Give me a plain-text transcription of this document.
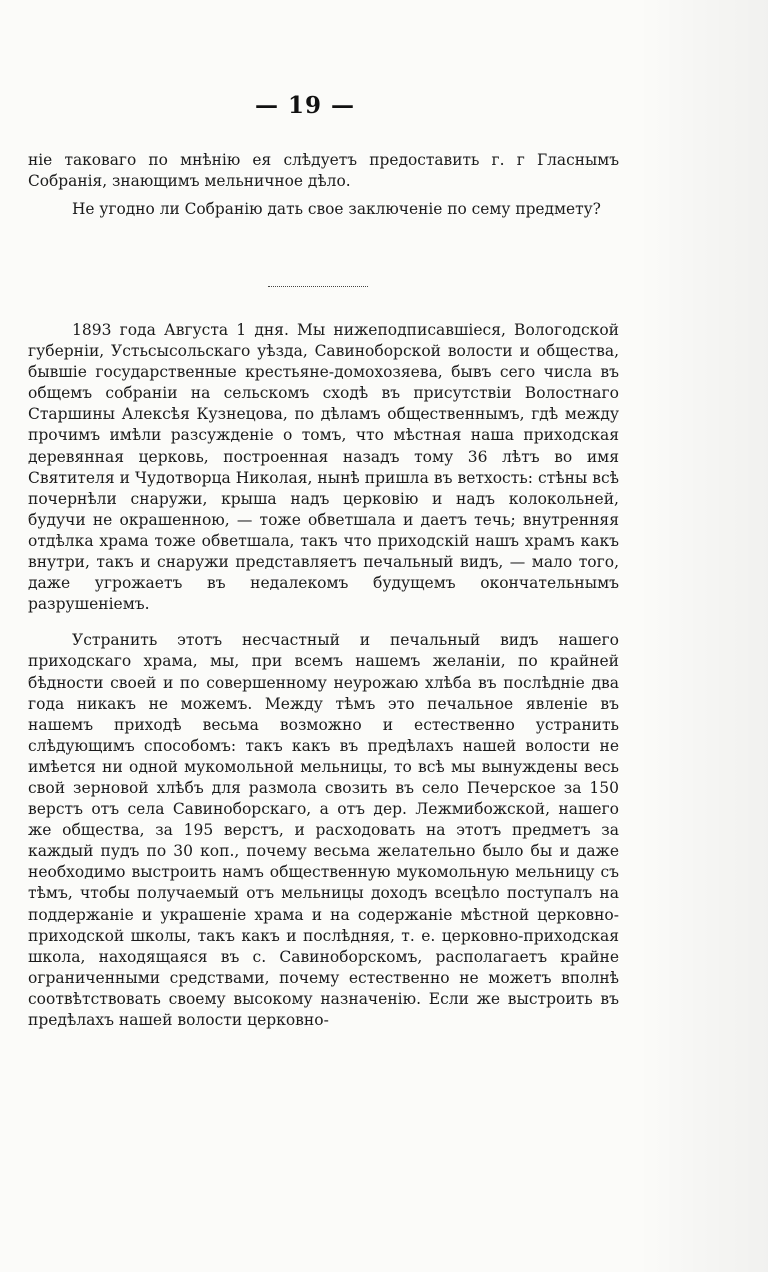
— 19 —

ніе таковаго по мнѣнію ея слѣдуетъ предоставить г. г Гласнымъ Собранія, знающимъ мельничное дѣло.

Не угодно ли Собранію дать свое заключеніе по сему предмету?

1893 года Августа 1 дня. Мы нижеподписавшіеся, Вологодской губерніи, Устьсысольскаго уѣзда, Савиноборской волости и общества, бывшіе государственные крестьяне-домохозяева, бывъ сего числа въ общемъ собраніи на сельскомъ сходѣ въ присутствіи Волостнаго Старшины Алексѣя Кузнецова, по дѣламъ общественнымъ, гдѣ между прочимъ имѣли разсужденіе о томъ, что мѣстная наша приходская деревянная церковь, построенная назадъ тому 36 лѣтъ во имя Святителя и Чудотворца Николая, нынѣ пришла въ ветхость: стѣны всѣ почернѣли снаружи, крыша надъ церковію и надъ колокольней, будучи не окрашенною, — тоже обветшала и даетъ течь; внутренняя отдѣлка храма тоже обветшала, такъ что приходскій нашъ храмъ какъ внутри, такъ и снаружи представляетъ печальный видъ, — мало того, даже угрожаетъ въ недалекомъ будущемъ окончательнымъ разрушеніемъ.

Устранить этотъ несчастный и печальный видъ нашего приходскаго храма, мы, при всемъ нашемъ желаніи, по крайней бѣдности своей и по совершенному неурожаю хлѣба въ послѣдніе два года никакъ не можемъ. Между тѣмъ это печальное явленіе въ нашемъ приходѣ весьма возможно и естественно устранить слѣдующимъ способомъ: такъ какъ въ предѣлахъ нашей волости не имѣется ни одной мукомольной мельницы, то всѣ мы вынуждены весь свой зерновой хлѣбъ для размола свозить въ село Печерское за 150 верстъ отъ села Савиноборскаго, а отъ дер. Лежмибожской, нашего же общества, за 195 верстъ, и расходовать на этотъ предметъ за каждый пудъ по 30 коп., почему весьма желательно было бы и даже необходимо выстроить намъ общественную мукомольную мельницу съ тѣмъ, чтобы получаемый отъ мельницы доходъ всецѣло поступалъ на поддержаніе и украшеніе храма и на содержаніе мѣстной церковно-приходской школы, такъ какъ и послѣдняя, т. е. церковно-приходская школа, находящаяся въ с. Савиноборскомъ, располагаетъ крайне ограниченными средствами, почему естественно не можетъ вполнѣ соотвѣтствовать своему высокому назначенію. Если же выстроить въ предѣлахъ нашей волости церковно-
